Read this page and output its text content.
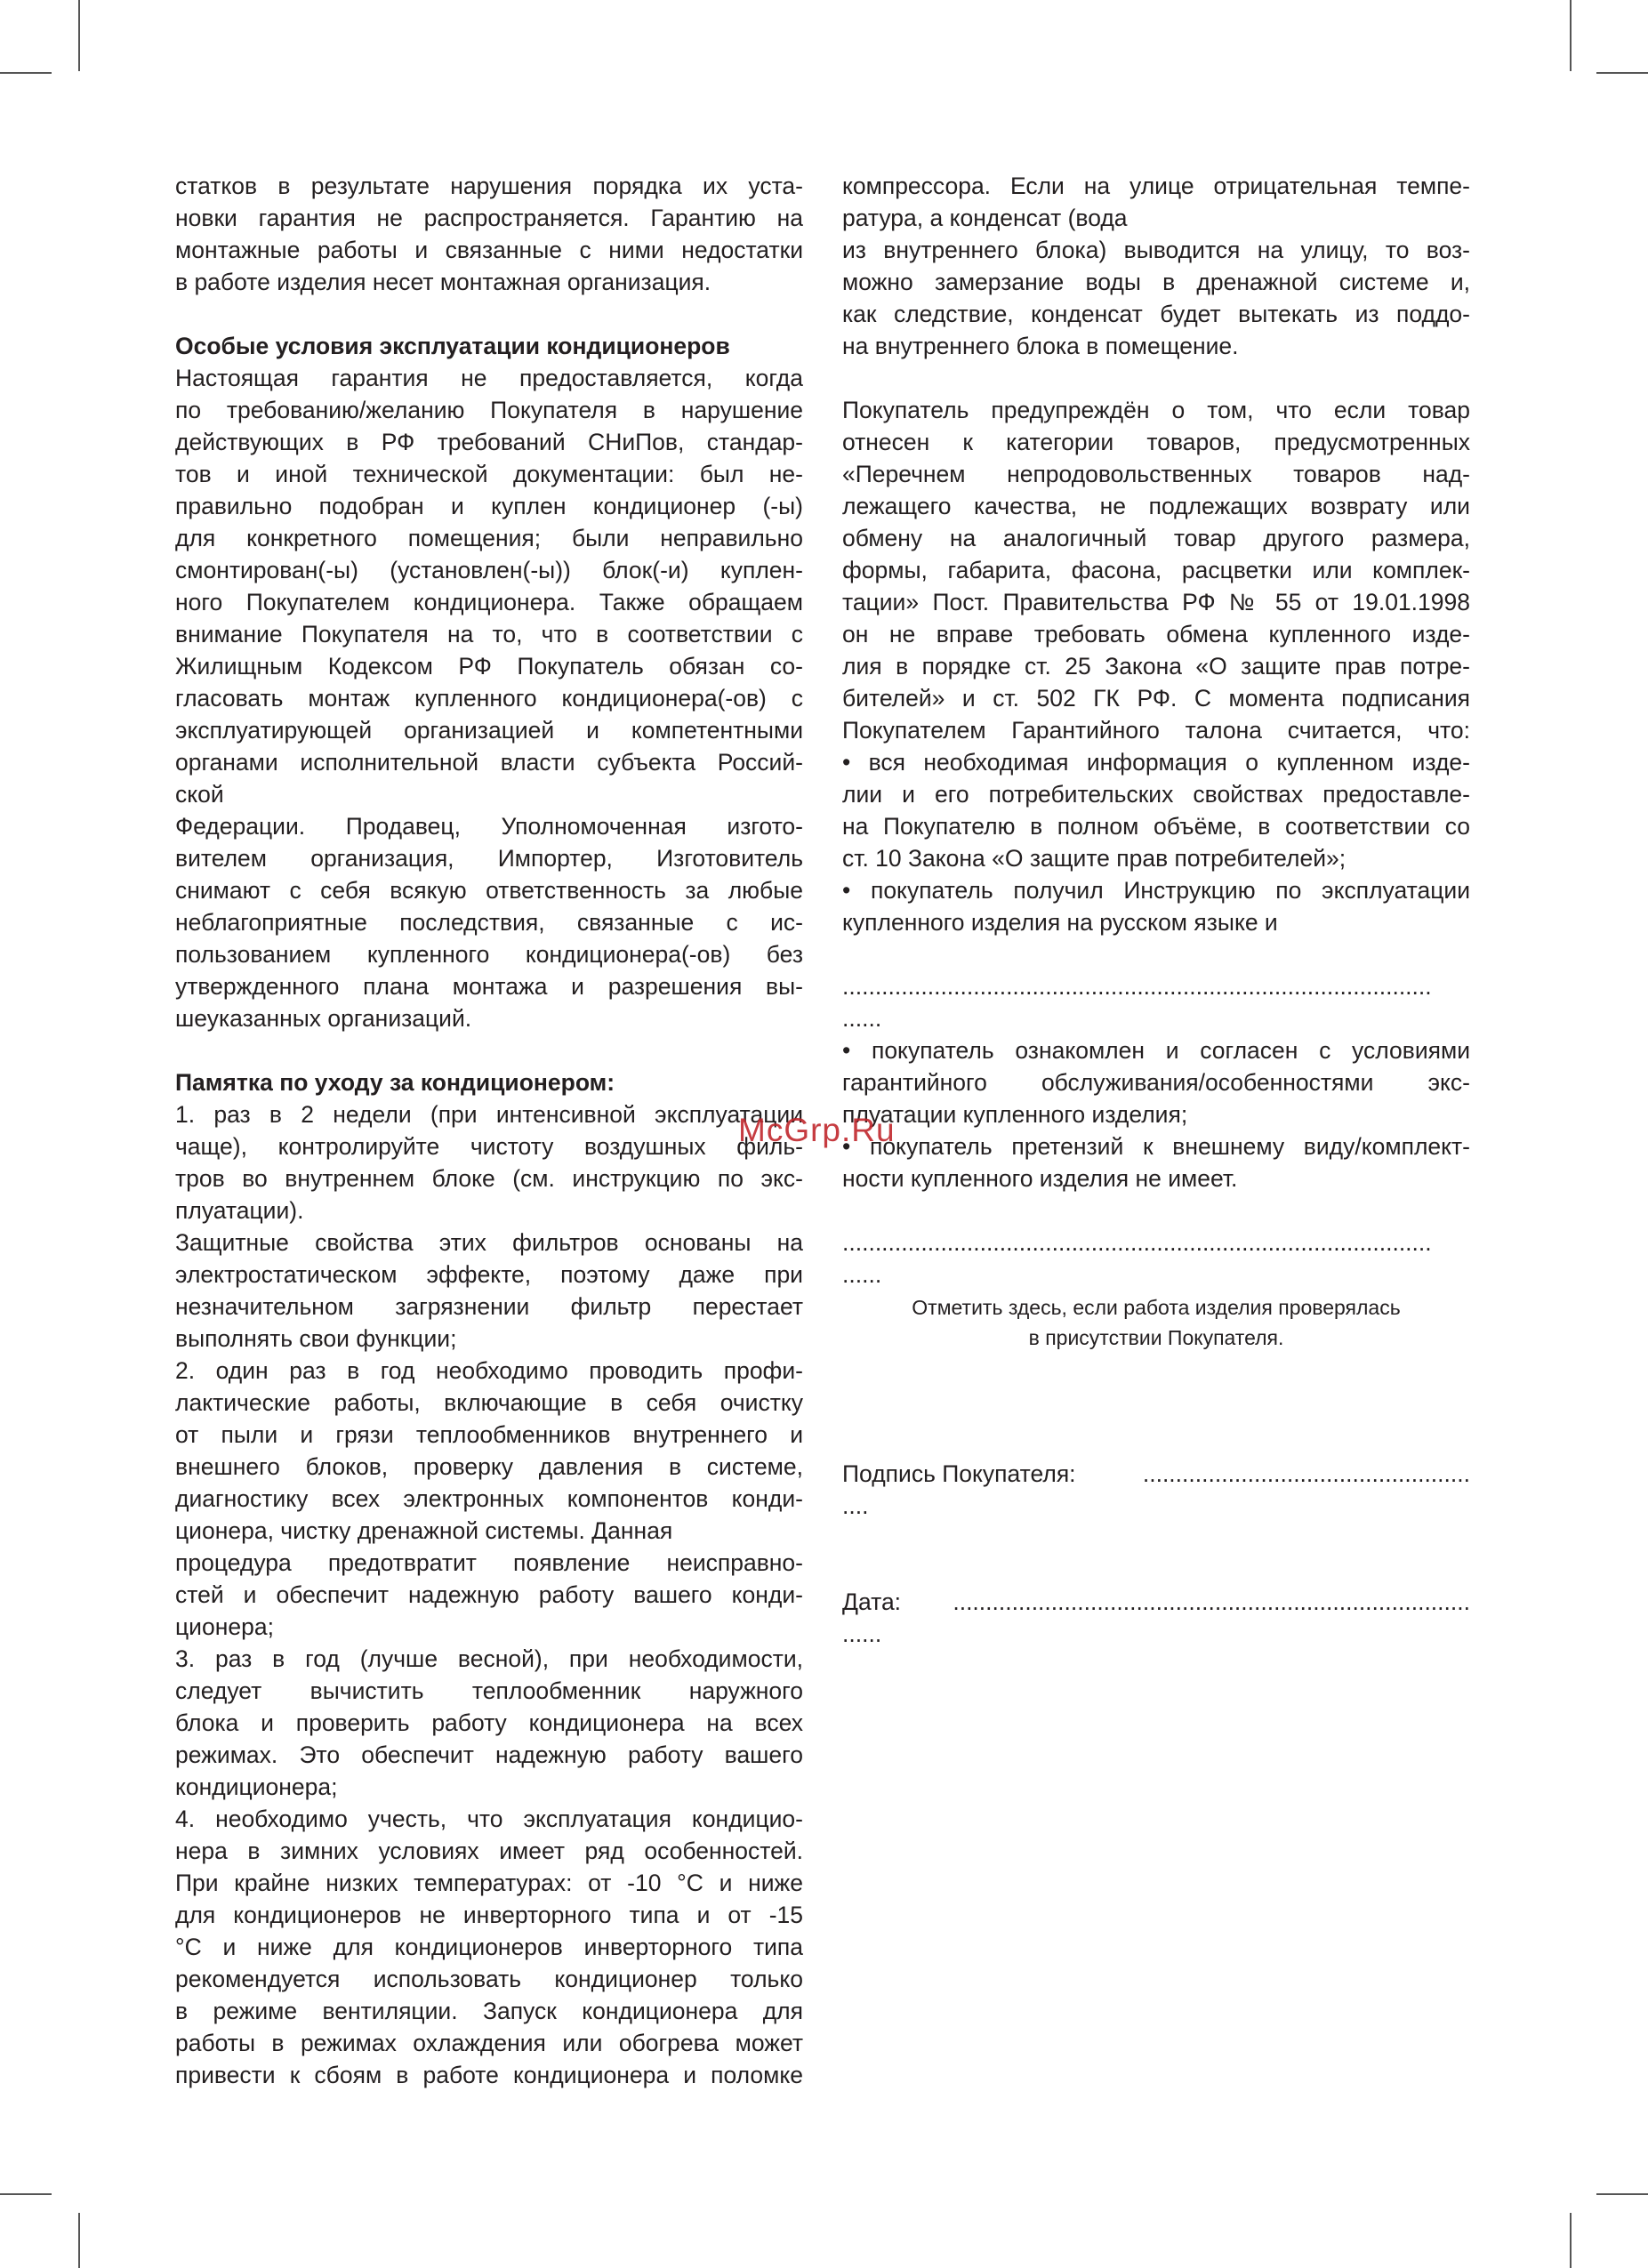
статков в результате нарушения порядка их уста-
новки гарантия не распространяется. Гарантию на
монтажные работы и связанные с ними недостатки
в работе изделия несет монтажная организация.
Особые условия эксплуатации кондиционеров
Настоящая гарантия не предоставляется, когда
по требованию/желанию Покупателя в нарушение
действующих в РФ требований СНиПов, стандар-
тов и иной технической документации: был не-
правильно подобран и куплен кондиционер (-ы)
для конкретного помещения; были неправильно
смонтирован(-ы) (установлен(-ы)) блок(-и) куплен-
ного Покупателем кондиционера. Также обращаем
внимание Покупателя на то, что в соответствии с
Жилищным Кодексом РФ Покупатель обязан со-
гласовать монтаж купленного кондиционера(-ов) с
эксплуатирующей организацией и компетентными
органами исполнительной власти субъекта Россий-
ской
Федерации. Продавец, Уполномоченная изгото-
вителем организация, Импортер, Изготовитель
снимают с себя всякую ответственность за любые
неблагоприятные последствия, связанные с ис-
пользованием купленного кондиционера(-ов) без
утвержденного плана монтажа и разрешения вы-
шеуказанных организаций.
Памятка по уходу за кондиционером:
1. раз в 2 недели (при интенсивной эксплуатации
чаще), контролируйте чистоту воздушных филь-
тров во внутреннем блоке (см. инструкцию по экс-
плуатации).
Защитные свойства этих фильтров основаны на
электростатическом эффекте, поэтому даже при
незначительном загрязнении фильтр перестает
выполнять свои функции;
2. один раз в год необходимо проводить профи-
лактические работы, включающие в себя очистку
от пыли и грязи теплообменников внутреннего и
внешнего блоков, проверку давления в системе,
диагностику всех электронных компонентов конди-
ционера, чистку дренажной системы. Данная
процедура предотвратит появление неисправно-
стей и обеспечит надежную работу вашего конди-
ционера;
3. раз в год (лучше весной), при необходимости,
следует вычистить теплообменник наружного
блока и проверить работу кондиционера на всех
режимах. Это обеспечит надежную работу вашего
кондиционера;
4. необходимо учесть, что эксплуатация кондицио-
нера в зимних условиях имеет ряд особенностей.
При крайне низких температурах: от -10 °С и ниже
для кондиционеров не инверторного типа и от -15
°С и ниже для кондиционеров инверторного типа
рекомендуется использовать кондиционер только
в режиме вентиляции. Запуск кондиционера для
работы в режимах охлаждения или обогрева может
привести к сбоям в работе кондиционера и поломке
компрессора. Если на улице отрицательная темпе-
ратура, а конденсат (вода
из внутреннего блока) выводится на улицу, то воз-
можно замерзание воды в дренажной системе и,
как следствие, конденсат будет вытекать из поддо-
на внутреннего блока в помещение.
Покупатель предупреждён о том, что если товар
отнесен к категории товаров, предусмотренных
«Перечнем непродовольственных товаров над-
лежащего качества, не подлежащих возврату или
обмену на аналогичный товар другого размера,
формы, габарита, фасона, расцветки или комплек-
тации» Пост. Правительства РФ № 55 от 19.01.1998
он не вправе требовать обмена купленного изде-
лия в порядке ст. 25 Закона «О защите прав потре-
бителей» и ст. 502 ГК РФ. С момента подписания
Покупателем Гарантийного талона считается, что:
• вся необходимая информация о купленном изде-
лии и его потребительских свойствах предоставле-
на Покупателю в полном объёме, в соответствии со
ст. 10 Закона «О защите прав потребителей»;
• покупатель получил Инструкцию по эксплуатации
купленного изделия на русском языке и
..........................................................................................
......
• покупатель ознакомлен и согласен с условиями
гарантийного обслуживания/особенностями экс-
плуатации купленного изделия;
• покупатель претензий к внешнему виду/комплект-
ности купленного изделия не имеет.
..........................................................................................
......
Отметить здесь, если работа изделия проверялась
в присутствии Покупателя.
Подпись Покупателя:	..................................................
....
Дата: ...............................................................................
......
McGrp.Ru
